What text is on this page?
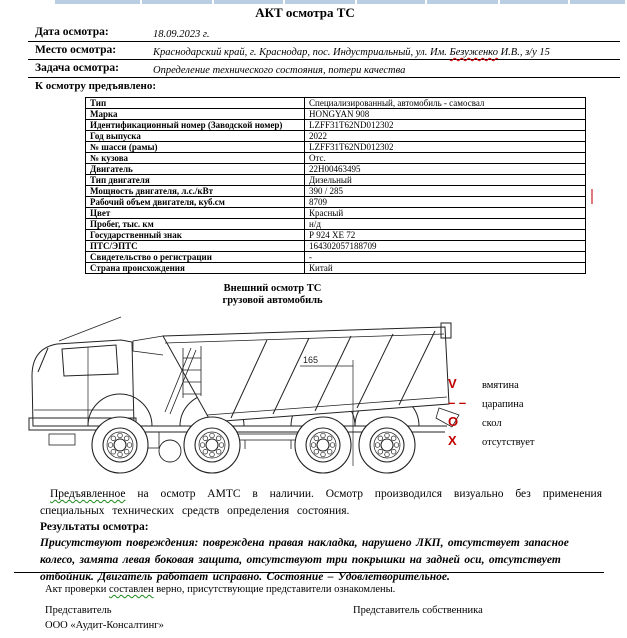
АКТ осмотра ТС
Дата осмотра:	18.09.2023 г.
Место осмотра:	Краснодарский край, г. Краснодар, пос. Индустриальный, ул. Им. Безуженко И.В., з/у 15
Задача осмотра:	Определение технического состояния, потери качества
К осмотру предъявлено:
Тип	Специализированный, автомобиль - самосвал
Марка	HONGYAN 908
Идентификационный номер (Заводской номер)	LZFF31T62ND012302
Год выпуска	2022
№ шасси (рамы)	LZFF31T62ND012302
№ кузова	Отс.
Двигатель	22H00463495
Тип двигателя	Дизельный
Мощность двигателя, л.с./кВт	390 / 285
Рабочий объем двигателя, куб.см	8709
Цвет	Красный
Пробег, тыс. км	н/д
Государственный знак	Р 924 ХЕ 72
ПТС/ЭПТС	164302057188709
Свидетельство о регистрации	-
Страна происхождения	Китай
Внешний осмотр ТС
грузовой автомобиль
165
V вмятина
– – царапина
O скол
X отсутствует
Предъявленное на осмотр АМТС в наличии. Осмотр производился визуально без применения специальных технических средств определения состояния.
Результаты осмотра:
Присутствуют повреждения: повреждена правая накладка, нарушено ЛКП, отсутствует запасное колесо, замята левая боковая защита, отсутствуют три покрышки на задней оси, отсутствует отбойник. Двигатель работает исправно. Состояние – Удовлетворительное.
Акт проверки составлен верно, присутствующие представители ознакомлены.
Представитель
ООО «Аудит-Консалтинг»
Представитель собственника
